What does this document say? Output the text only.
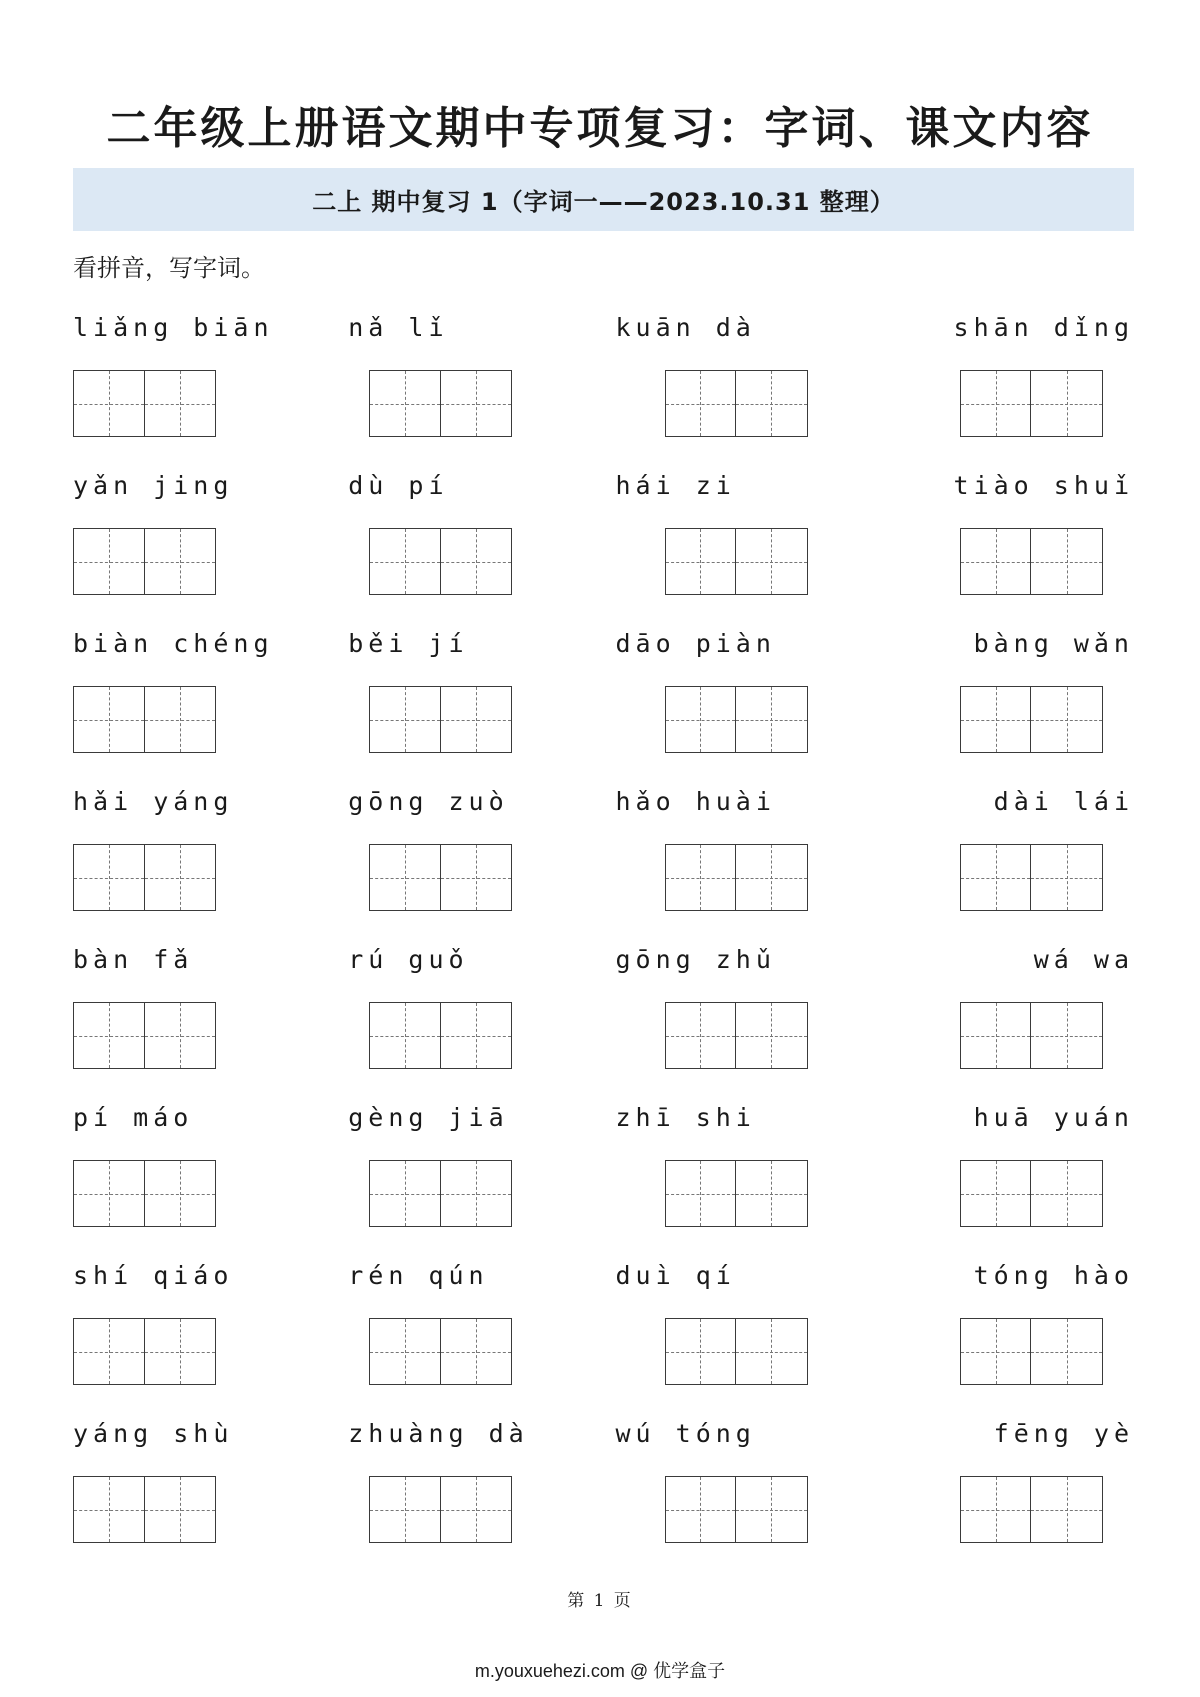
二年级上册语文期中专项复习：字词、课文内容
二上 期中复习 1（字词一——2023.10.31 整理）
看拼音，写字词。
liǎng biān	nǎ lǐ	kuān dà	shān dǐng
yǎn jing	dù pí	hái zi	tiào shuǐ
biàn chéng	běi jí	dāo piàn	bàng wǎn
hǎi yáng	gōng zuò	hǎo huài	dài lái
bàn fǎ	rú guǒ	gōng zhǔ	wá wa
pí máo	gèng jiā	zhī shi	huā yuán
shí qiáo	rén qún	duì qí	tóng hào
yáng shù	zhuàng dà	wú tóng	fēng yè
第 1 页
m.youxuehezi.com @ 优学盒子
